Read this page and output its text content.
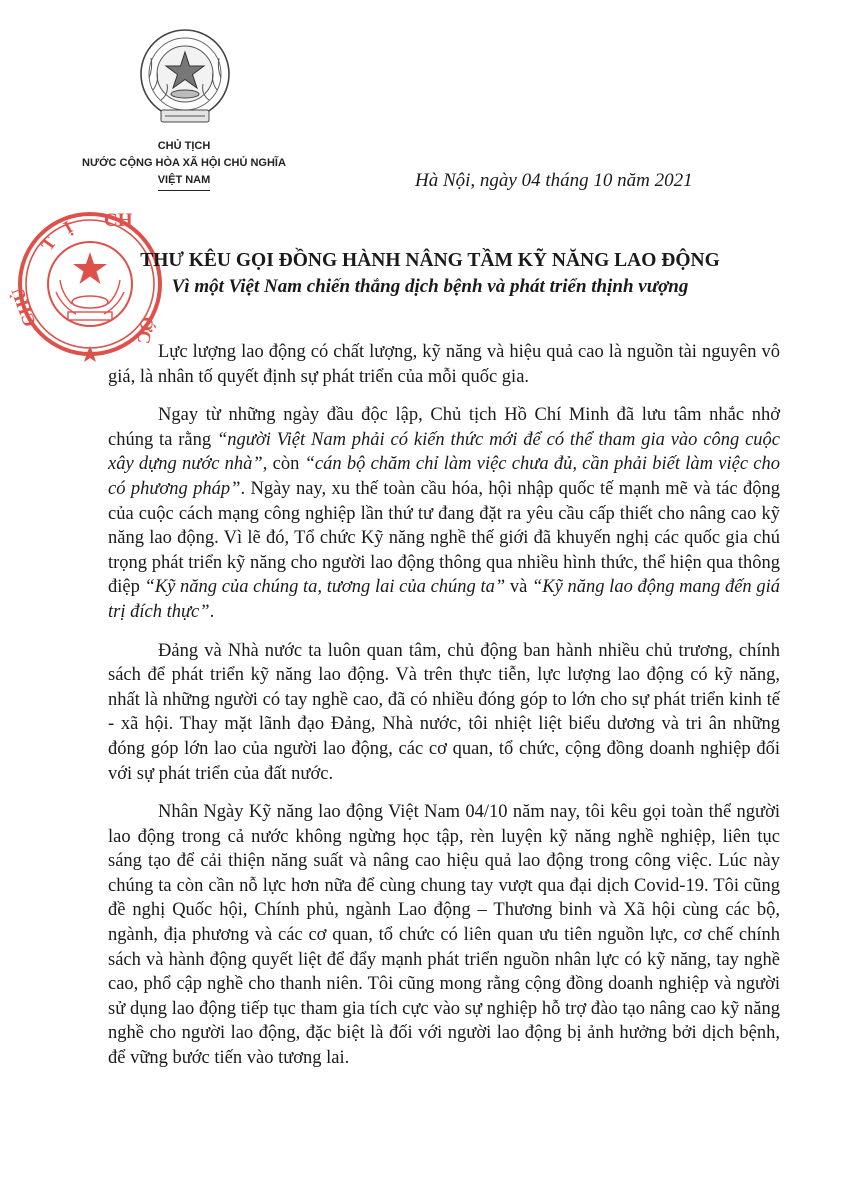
CHỦ TỊCH
NƯỚC CỘNG HÒA XÃ HỘI CHỦ NGHĨA
VIỆT NAM	Hà Nội, ngày 04 tháng 10 năm 2021
CH
Ị
T
CHỦ
ỚC
THƯ KÊU GỌI ĐỒNG HÀNH NÂNG TẦM KỸ NĂNG LAO ĐỘNG
Vì một Việt Nam chiến thắng dịch bệnh và phát triển thịnh vượng

Lực lượng lao động có chất lượng, kỹ năng và hiệu quả cao là nguồn tài nguyên vô giá, là nhân tố quyết định sự phát triển của mỗi quốc gia.

Ngay từ những ngày đầu độc lập, Chủ tịch Hồ Chí Minh đã lưu tâm nhắc nhở chúng ta rằng “người Việt Nam phải có kiến thức mới để có thể tham gia vào công cuộc xây dựng nước nhà”, còn “cán bộ chăm chỉ làm việc chưa đủ, cần phải biết làm việc cho có phương pháp”. Ngày nay, xu thế toàn cầu hóa, hội nhập quốc tế mạnh mẽ và tác động của cuộc cách mạng công nghiệp lần thứ tư đang đặt ra yêu cầu cấp thiết cho nâng cao kỹ năng lao động. Vì lẽ đó, Tổ chức Kỹ năng nghề thế giới đã khuyến nghị các quốc gia chú trọng phát triển kỹ năng cho người lao động thông qua nhiều hình thức, thể hiện qua thông điệp “Kỹ năng của chúng ta, tương lai của chúng ta” và “Kỹ năng lao động mang đến giá trị đích thực”.

Đảng và Nhà nước ta luôn quan tâm, chủ động ban hành nhiều chủ trương, chính sách để phát triển kỹ năng lao động. Và trên thực tiễn, lực lượng lao động có kỹ năng, nhất là những người có tay nghề cao, đã có nhiều đóng góp to lớn cho sự phát triển kinh tế - xã hội. Thay mặt lãnh đạo Đảng, Nhà nước, tôi nhiệt liệt biểu dương và tri ân những đóng góp lớn lao của người lao động, các cơ quan, tổ chức, cộng đồng doanh nghiệp đối với sự phát triển của đất nước.

Nhân Ngày Kỹ năng lao động Việt Nam 04/10 năm nay, tôi kêu gọi toàn thể người lao động trong cả nước không ngừng học tập, rèn luyện kỹ năng nghề nghiệp, liên tục sáng tạo để cải thiện năng suất và nâng cao hiệu quả lao động trong công việc. Lúc này chúng ta còn cần nỗ lực hơn nữa để cùng chung tay vượt qua đại dịch Covid-19. Tôi cũng đề nghị Quốc hội, Chính phủ, ngành Lao động – Thương binh và Xã hội cùng các bộ, ngành, địa phương và các cơ quan, tổ chức có liên quan ưu tiên nguồn lực, cơ chế chính sách và hành động quyết liệt để đẩy mạnh phát triển nguồn nhân lực có kỹ năng, tay nghề cao, phổ cập nghề cho thanh niên. Tôi cũng mong rằng cộng đồng doanh nghiệp và người sử dụng lao động tiếp tục tham gia tích cực vào sự nghiệp hỗ trợ đào tạo nâng cao kỹ năng nghề cho người lao động, đặc biệt là đối với người lao động bị ảnh hưởng bởi dịch bệnh, để vững bước tiến vào tương lai.
